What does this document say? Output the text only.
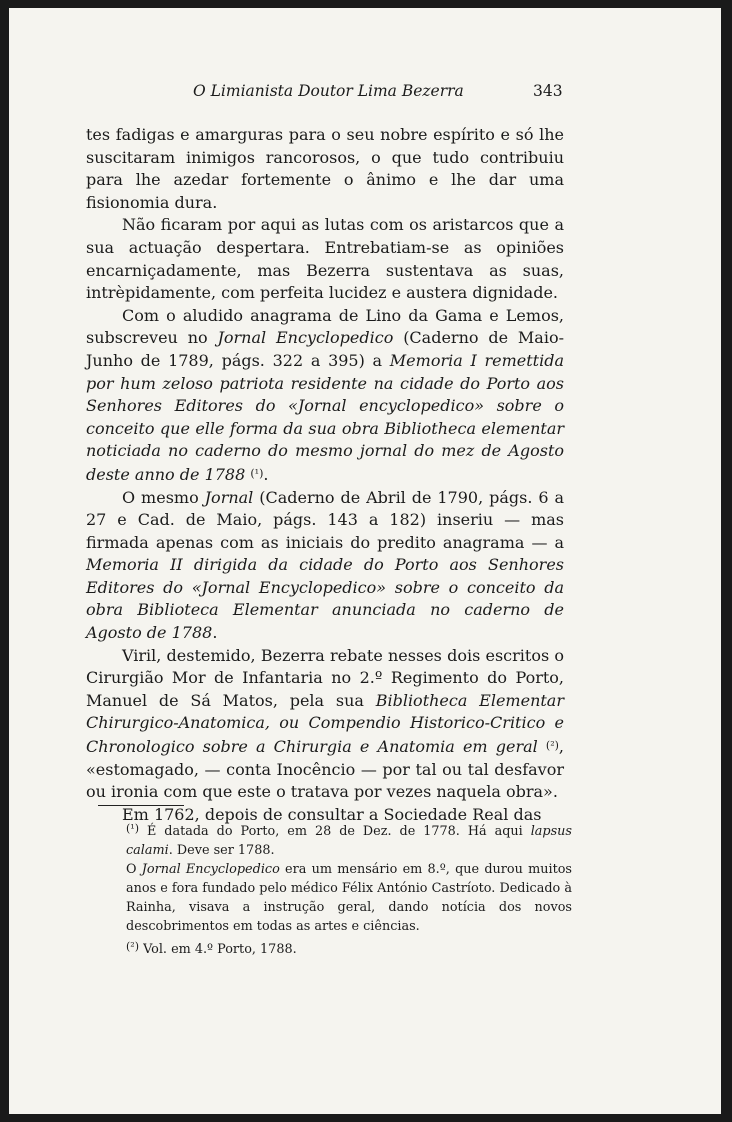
O Limianista Doutor Lima Bezerra	343

tes fadigas e amarguras para o seu nobre espírito e só lhe suscitaram inimigos rancorosos, o que tudo contribuiu para lhe azedar fortemente o ânimo e lhe dar uma fisionomia dura.

Não ficaram por aqui as lutas com os aristarcos que a sua actuação despertara. Entrebatiam-se as opiniões encarniçadamente, mas Bezerra sustentava as suas, intrèpidamente, com perfeita lucidez e austera dignidade.

Com o aludido anagrama de Lino da Gama e Lemos, subscreveu no Jornal Encyclopedico (Caderno de Maio-Junho de 1789, págs. 322 a 395) a Memoria I remettida por hum zeloso patriota residente na cidade do Porto aos Senhores Editores do «Jornal encyclopedico» sobre o conceito que elle forma da sua obra Bibliotheca elementar noticiada no caderno do mesmo jornal do mez de Agosto deste anno de 1788 (¹).

O mesmo Jornal (Caderno de Abril de 1790, págs. 6 a 27 e Cad. de Maio, págs. 143 a 182) inseriu — mas firmada apenas com as iniciais do predito anagrama — a Memoria II dirigida da cidade do Porto aos Senhores Editores do «Jornal Encyclopedico» sobre o conceito da obra Biblioteca Elementar anunciada no caderno de Agosto de 1788.

Viril, destemido, Bezerra rebate nesses dois escritos o Cirurgião Mor de Infantaria no 2.º Regimento do Porto, Manuel de Sá Matos, pela sua Bibliotheca Elementar Chirurgico-Anatomica, ou Compendio Historico-Critico e Chronologico sobre a Chirurgia e Anatomia em geral (²), «estomagado, — conta Inocêncio — por tal ou tal desfavor ou ironia com que este o tratava por vezes naquela obra».

Em 1762, depois de consultar a Sociedade Real das

(¹) É datada do Porto, em 28 de Dez. de 1778. Há aqui lapsus calami. Deve ser 1788.

O Jornal Encyclopedico era um mensário em 8.º, que durou muitos anos e fora fundado pelo médico Félix António Castríoto. Dedicado à Rainha, visava a instrução geral, dando notícia dos novos descobrimentos em todas as artes e ciências.

(²) Vol. em 4.º Porto, 1788.
